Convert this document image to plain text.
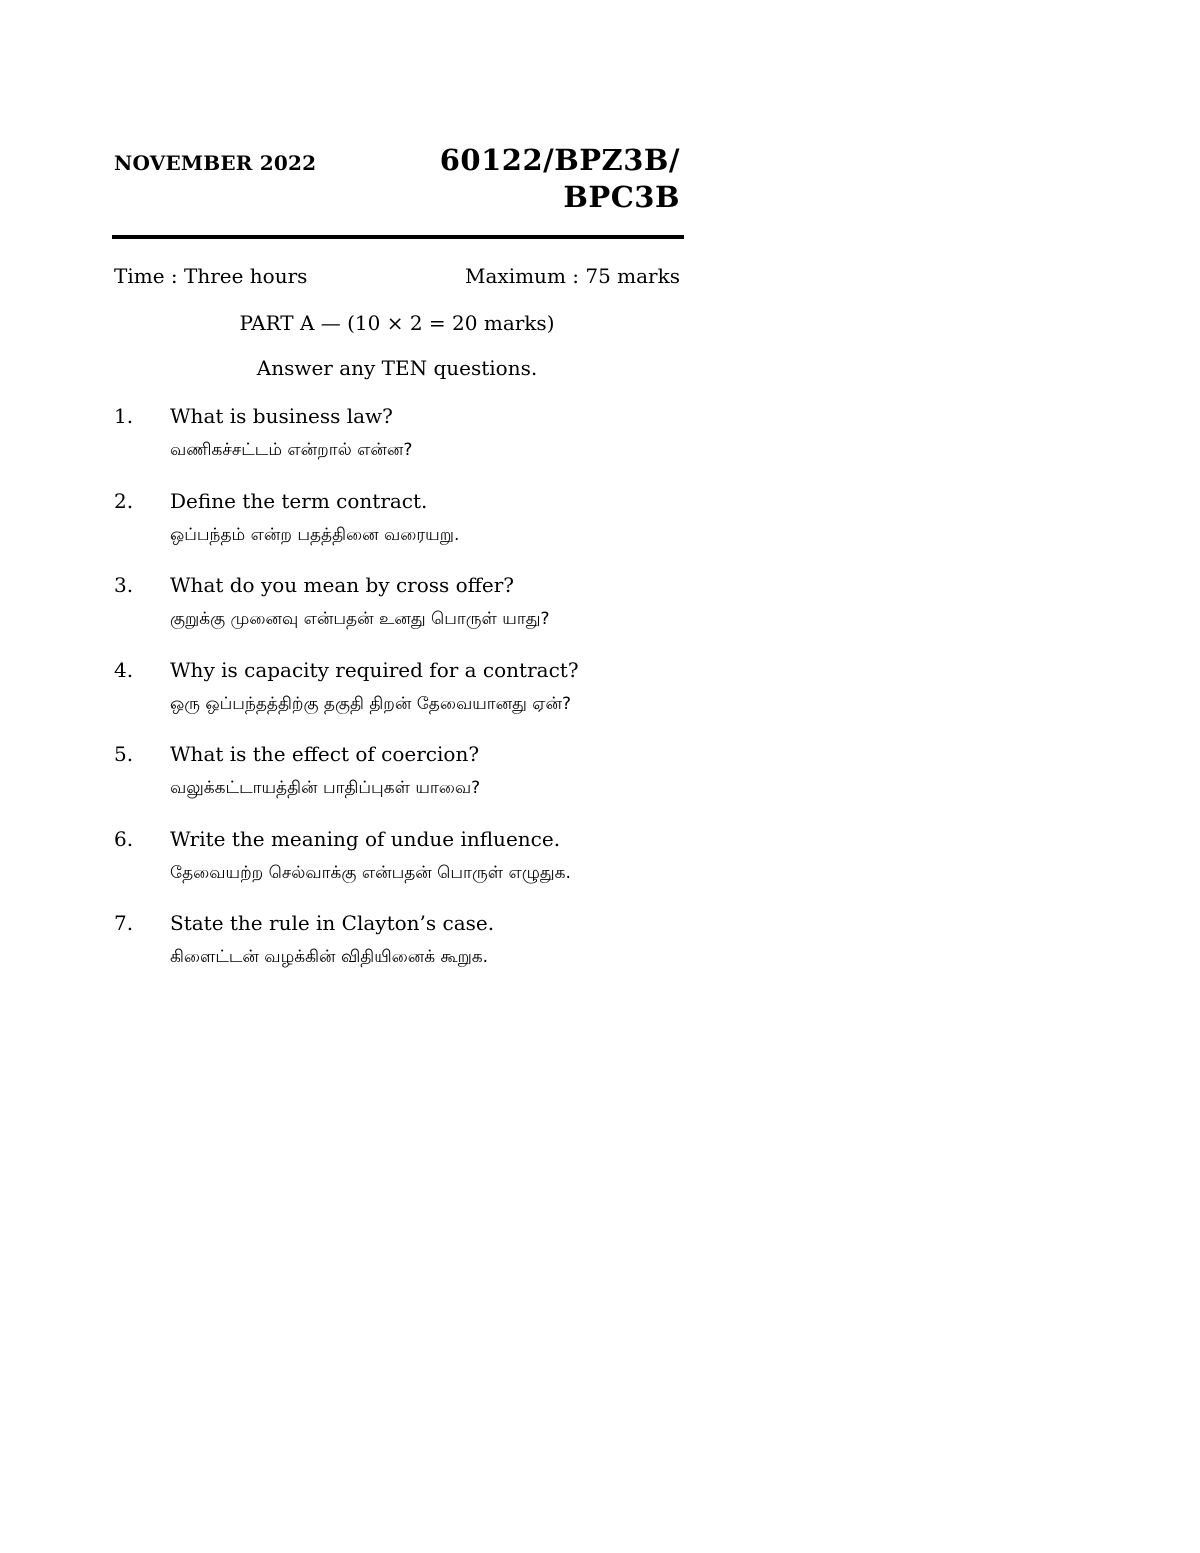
NOVEMBER 2022	60122/BPZ3B/
BPC3B
Time : Three hours	Maximum : 75 marks
PART A — (10 × 2 = 20 marks)
Answer any TEN questions.
1. What is business law?
வணிகச்சட்டம் என்றால் என்ன?
2. Define the term contract.
ஒப்பந்தம் என்ற பதத்தினை வரையறு.
3. What do you mean by cross offer?
குறுக்கு முனைவு என்பதன் உனது பொருள் யாது?
4. Why is capacity required for a contract?
ஒரு ஒப்பந்தத்திற்கு தகுதி திறன் தேவையானது ஏன்?
5. What is the effect of coercion?
வலுக்கட்டாயத்தின் பாதிப்புகள் யாவை?
6. Write the meaning of undue influence.
தேவையற்ற செல்வாக்கு என்பதன் பொருள் எழுதுக.
7. State the rule in Clayton’s case.
கிளைட்டன் வழக்கின் விதியினைக் கூறுக.
